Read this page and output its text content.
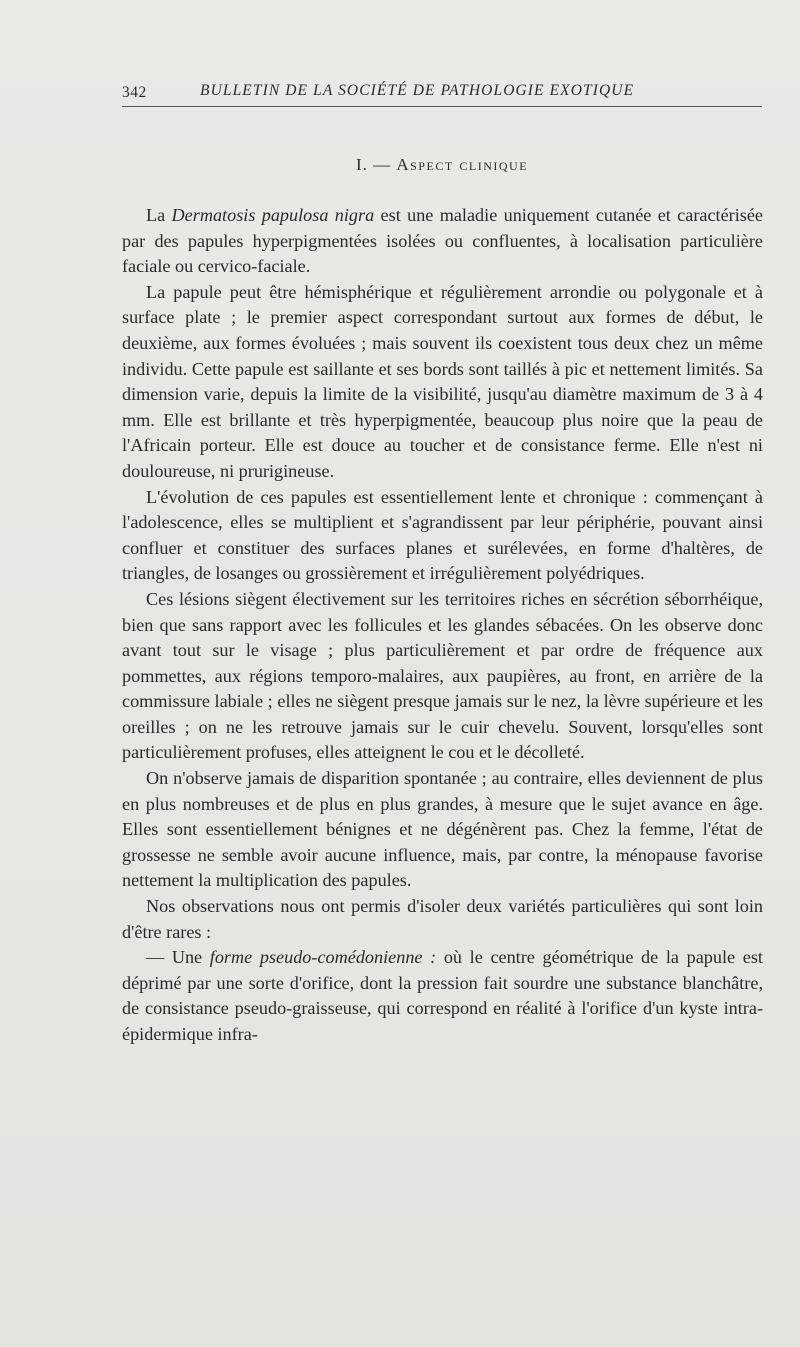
342	BULLETIN DE LA SOCIÉTÉ DE PATHOLOGIE EXOTIQUE
I. — Aspect clinique

La Dermatosis papulosa nigra est une maladie uniquement cutanée et caractérisée par des papules hyperpigmentées isolées ou confluentes, à localisation particulière faciale ou cervico-faciale.

La papule peut être hémisphérique et régulièrement arrondie ou polygonale et à surface plate ; le premier aspect correspondant surtout aux formes de début, le deuxième, aux formes évoluées ; mais souvent ils coexistent tous deux chez un même individu. Cette papule est saillante et ses bords sont taillés à pic et nettement limités. Sa dimension varie, depuis la limite de la visibilité, jusqu'au diamètre maximum de 3 à 4 mm. Elle est brillante et très hyperpigmentée, beaucoup plus noire que la peau de l'Africain porteur. Elle est douce au toucher et de consistance ferme. Elle n'est ni douloureuse, ni prurigineuse.

L'évolution de ces papules est essentiellement lente et chronique : commençant à l'adolescence, elles se multiplient et s'agrandissent par leur périphérie, pouvant ainsi confluer et constituer des surfaces planes et surélevées, en forme d'haltères, de triangles, de losanges ou grossièrement et irrégulièrement polyédriques.

Ces lésions siègent électivement sur les territoires riches en sécrétion séborrhéique, bien que sans rapport avec les follicules et les glandes sébacées. On les observe donc avant tout sur le visage ; plus particulièrement et par ordre de fréquence aux pommettes, aux régions temporo-malaires, aux paupières, au front, en arrière de la commissure labiale ; elles ne siègent presque jamais sur le nez, la lèvre supérieure et les oreilles ; on ne les retrouve jamais sur le cuir chevelu. Souvent, lorsqu'elles sont particulièrement profuses, elles atteignent le cou et le décolleté.

On n'observe jamais de disparition spontanée ; au contraire, elles deviennent de plus en plus nombreuses et de plus en plus grandes, à mesure que le sujet avance en âge. Elles sont essentiellement bénignes et ne dégénèrent pas. Chez la femme, l'état de grossesse ne semble avoir aucune influence, mais, par contre, la ménopause favorise nettement la multiplication des papules.

Nos observations nous ont permis d'isoler deux variétés particulières qui sont loin d'être rares :

— Une forme pseudo-comédonienne : où le centre géométrique de la papule est déprimé par une sorte d'orifice, dont la pression fait sourdre une substance blanchâtre, de consistance pseudo-graisseuse, qui correspond en réalité à l'orifice d'un kyste intra-épidermique infra-
